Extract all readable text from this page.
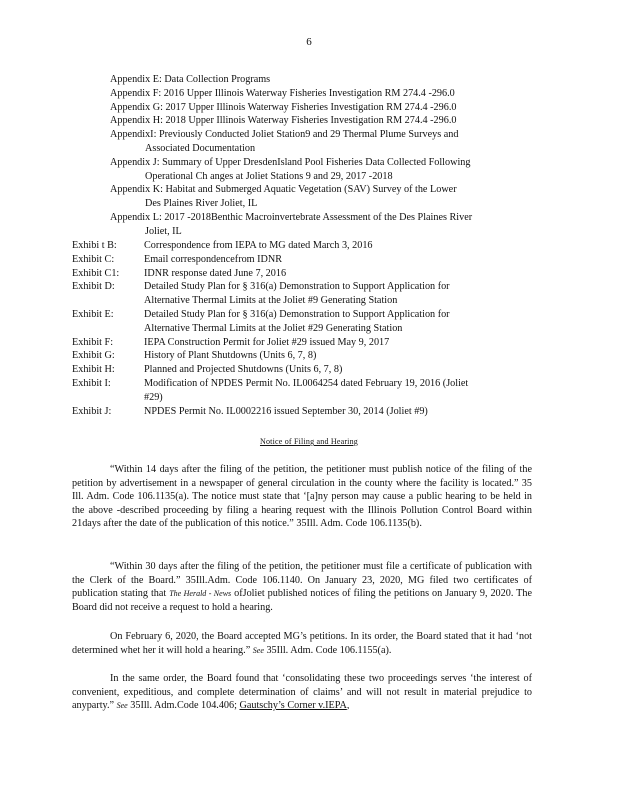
6
Appendix E: Data Collection Programs
Appendix F: 2016 Upper Illinois Waterway Fisheries Investigation RM 274.4 -296.0
Appendix G: 2017 Upper Illinois Waterway Fisheries Investigation RM 274.4 -296.0
Appendix H: 2018 Upper Illinois Waterway Fisheries Investigation RM 274.4 -296.0
AppendixI: Previously Conducted Joliet Station9 and 29 Thermal Plume Surveys and
Associated Documentation
Appendix J: Summary of Upper DresdenIsland Pool Fisheries Data Collected Following
Operational Ch anges at Joliet Stations 9 and 29, 2017 -2018
Appendix K: Habitat and Submerged Aquatic Vegetation (SAV) Survey of the Lower
Des Plaines River Joliet, IL
Appendix L: 2017 -2018Benthic Macroinvertebrate Assessment of the Des Plaines River
Joliet, IL
Exhibi t B:	Correspondence from IEPA to MG dated March 3, 2016
Exhibit C:	Email correspondencefrom IDNR
Exhibit C1:	IDNR response dated June 7, 2016
Exhibit D:	Detailed Study Plan for § 316(a) Demonstration to Support Application for
Alternative Thermal Limits at the Joliet #9 Generating Station
Exhibit E:	Detailed Study Plan for § 316(a) Demonstration to Support Application for
Alternative Thermal Limits at the Joliet #29 Generating Station
Exhibit F:	IEPA Construction Permit for Joliet #29 issued May 9, 2017
Exhibit G:	History of Plant Shutdowns (Units 6, 7, 8)
Exhibit H:	Planned and Projected Shutdowns (Units 6, 7, 8)
Exhibit I:	Modification of NPDES Permit No. IL0064254 dated February 19, 2016 (Joliet
#29)
Exhibit J:	NPDES Permit No. IL0002216 issued September 30, 2014 (Joliet #9)
Notice of Filing and Hearing
“Within 14 days after the filing of the petition, the petitioner must publish notice of the filing of the petition by advertisement in a newspaper of general circulation in the county where the facility is located.” 35 Ill. Adm. Code 106.1135(a). The notice must state that ‘[a]ny person may cause a public hearing to be held in the above -described proceeding by filing a hearing request with the Illinois Pollution Control Board within 21days after the date of the publication of this notice.” 35Ill. Adm. Code 106.1135(b).
“Within 30 days after the filing of the petition, the petitioner must file a certificate of publication with the Clerk of the Board.” 35Ill.Adm. Code 106.1140. On January 23, 2020, MG filed two certificates of publication stating that The Herald - News ofJoliet published notices of filing the petitions on January 9, 2020. The Board did not receive a request to hold a hearing.
On February 6, 2020, the Board accepted MG’s petitions. In its order, the Board stated that it had ‘not determined whet her it will hold a hearing.” See 35Ill. Adm. Code 106.1155(a).
In the same order, the Board found that ‘consolidating these two proceedings serves ‘the interest of convenient, expeditious, and complete determination of claims’ and will not result in material prejudice to anyparty.” See 35Ill. Adm.Code 104.406; Gautschy’s Corner v.IEPA,
